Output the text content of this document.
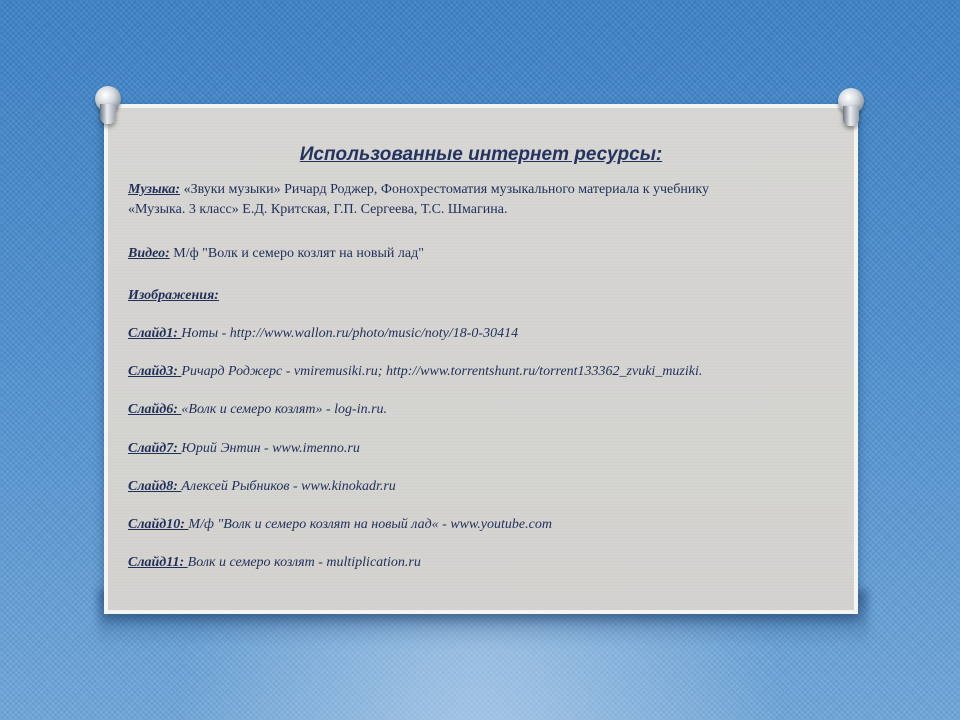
Использованные интернет ресурсы:
Музыка: «Звуки музыки» Ричард Роджер, Фонохрестоматия музыкального материала к учебнику
«Музыка. 3 класс» Е.Д. Критская, Г.П. Сергеева, Т.С. Шмагина.
Видео: М/ф "Волк и семеро козлят на новый лад"
Изображения:
Слайд1: Ноты - http://www.wallon.ru/photo/music/noty/18-0-30414
Слайд3: Ричард Роджерс - vmiremusiki.ru; http://www.torrentshunt.ru/torrent133362_zvuki_muziki.
Слайд6: «Волк и семеро козлят» - log-in.ru.
Слайд7: Юрий Энтин - www.imenno.ru
Слайд8: Алексей Рыбников - www.kinokadr.ru
Слайд10: М/ф "Волк и семеро козлят на новый лад« - www.youtube.com
Слайд11: Волк и семеро козлят - multiplication.ru
